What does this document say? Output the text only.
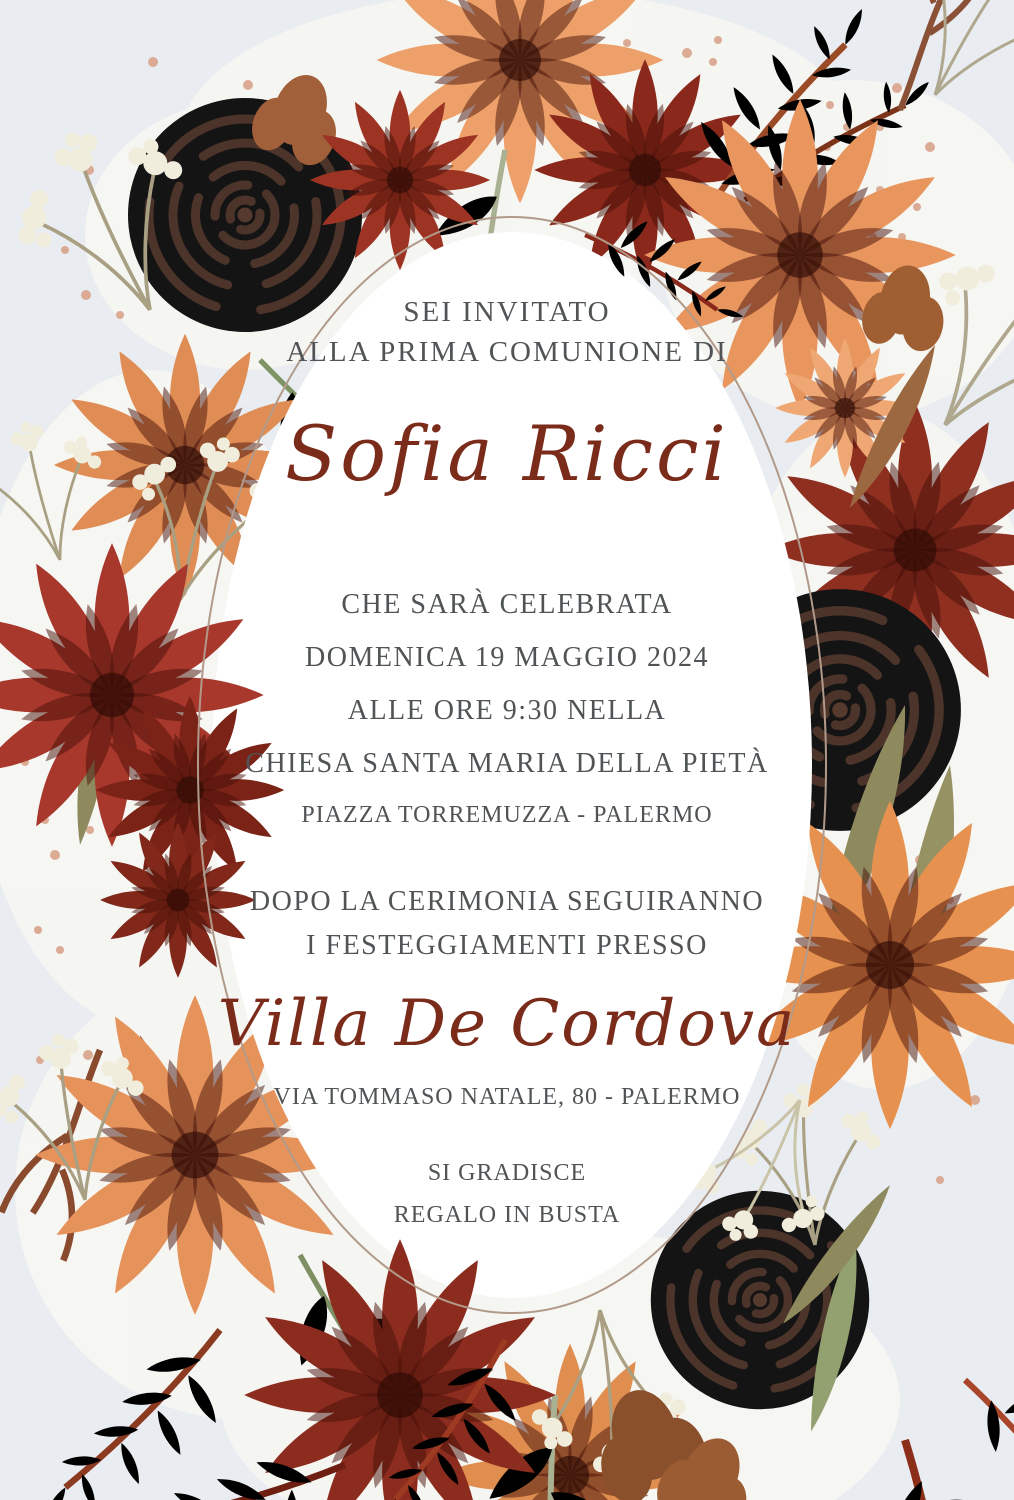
SEI INVITATO
ALLA PRIMA COMUNIONE DI
Sofia Ricci
CHE SARÀ CELEBRATA
DOMENICA 19 MAGGIO 2024
ALLE ORE 9:30 NELLA
CHIESA SANTA MARIA DELLA PIETÀ
PIAZZA TORREMUZZA - PALERMO
DOPO LA CERIMONIA SEGUIRANNO
I FESTEGGIAMENTI PRESSO
Villa De Cordova
VIA TOMMASO NATALE, 80 - PALERMO
SI GRADISCE
REGALO IN BUSTA
